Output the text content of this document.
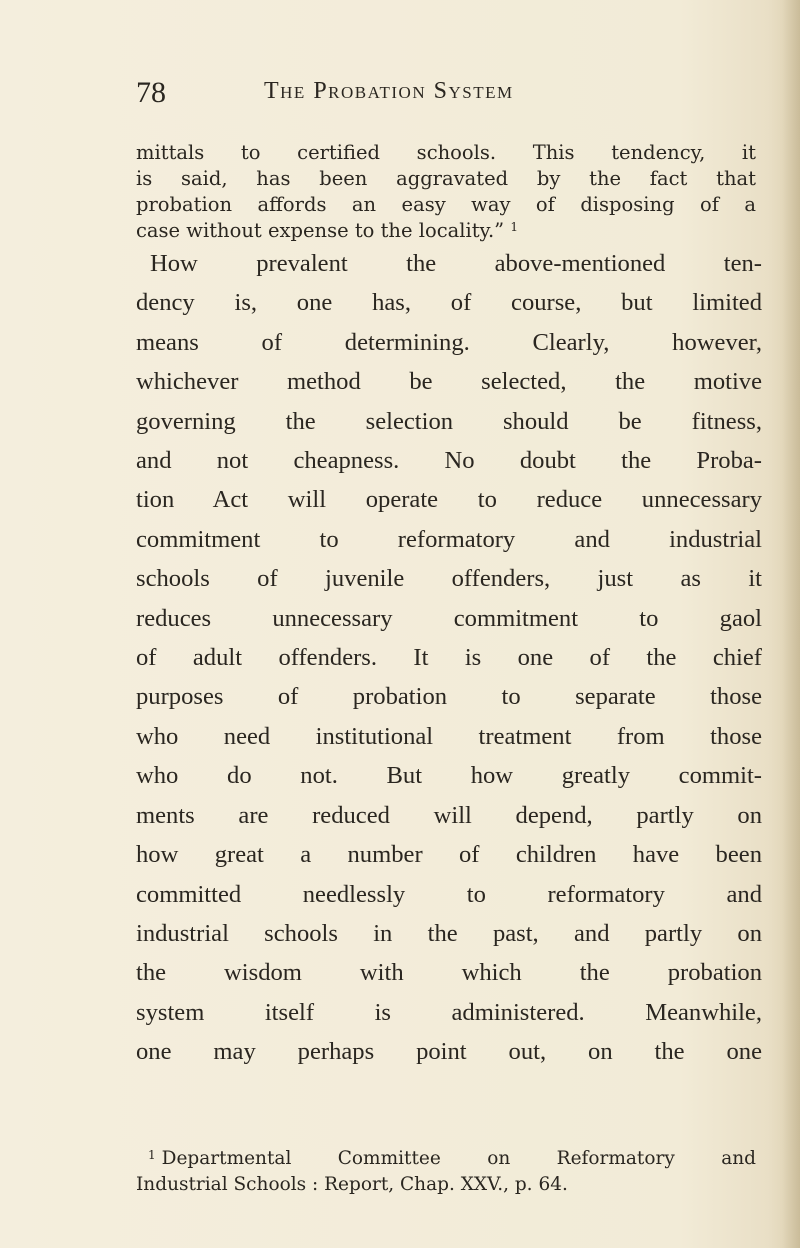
78	The Probation System
mittals to certified schools. This tendency, it
is said, has been aggravated by the fact that
probation affords an easy way of disposing of a
case without expense to the locality.” $^1$
How prevalent the above-mentioned ten-
dency is, one has, of course, but limited
means of determining. Clearly, however,
whichever method be selected, the motive
governing the selection should be fitness,
and not cheapness. No doubt the Proba-
tion Act will operate to reduce unnecessary
commitment to reformatory and industrial
schools of juvenile offenders, just as it
reduces unnecessary commitment to gaol
of adult offenders. It is one of the chief
purposes of probation to separate those
who need institutional treatment from those
who do not. But how greatly commit-
ments are reduced will depend, partly on
how great a number of children have been
committed needlessly to reformatory and
industrial schools in the past, and partly on
the wisdom with which the probation
system itself is administered. Meanwhile,
one may perhaps point out, on the one
$^1$ Departmental Committee on Reformatory and
Industrial Schools : Report, Chap. XXV., p. 64.
